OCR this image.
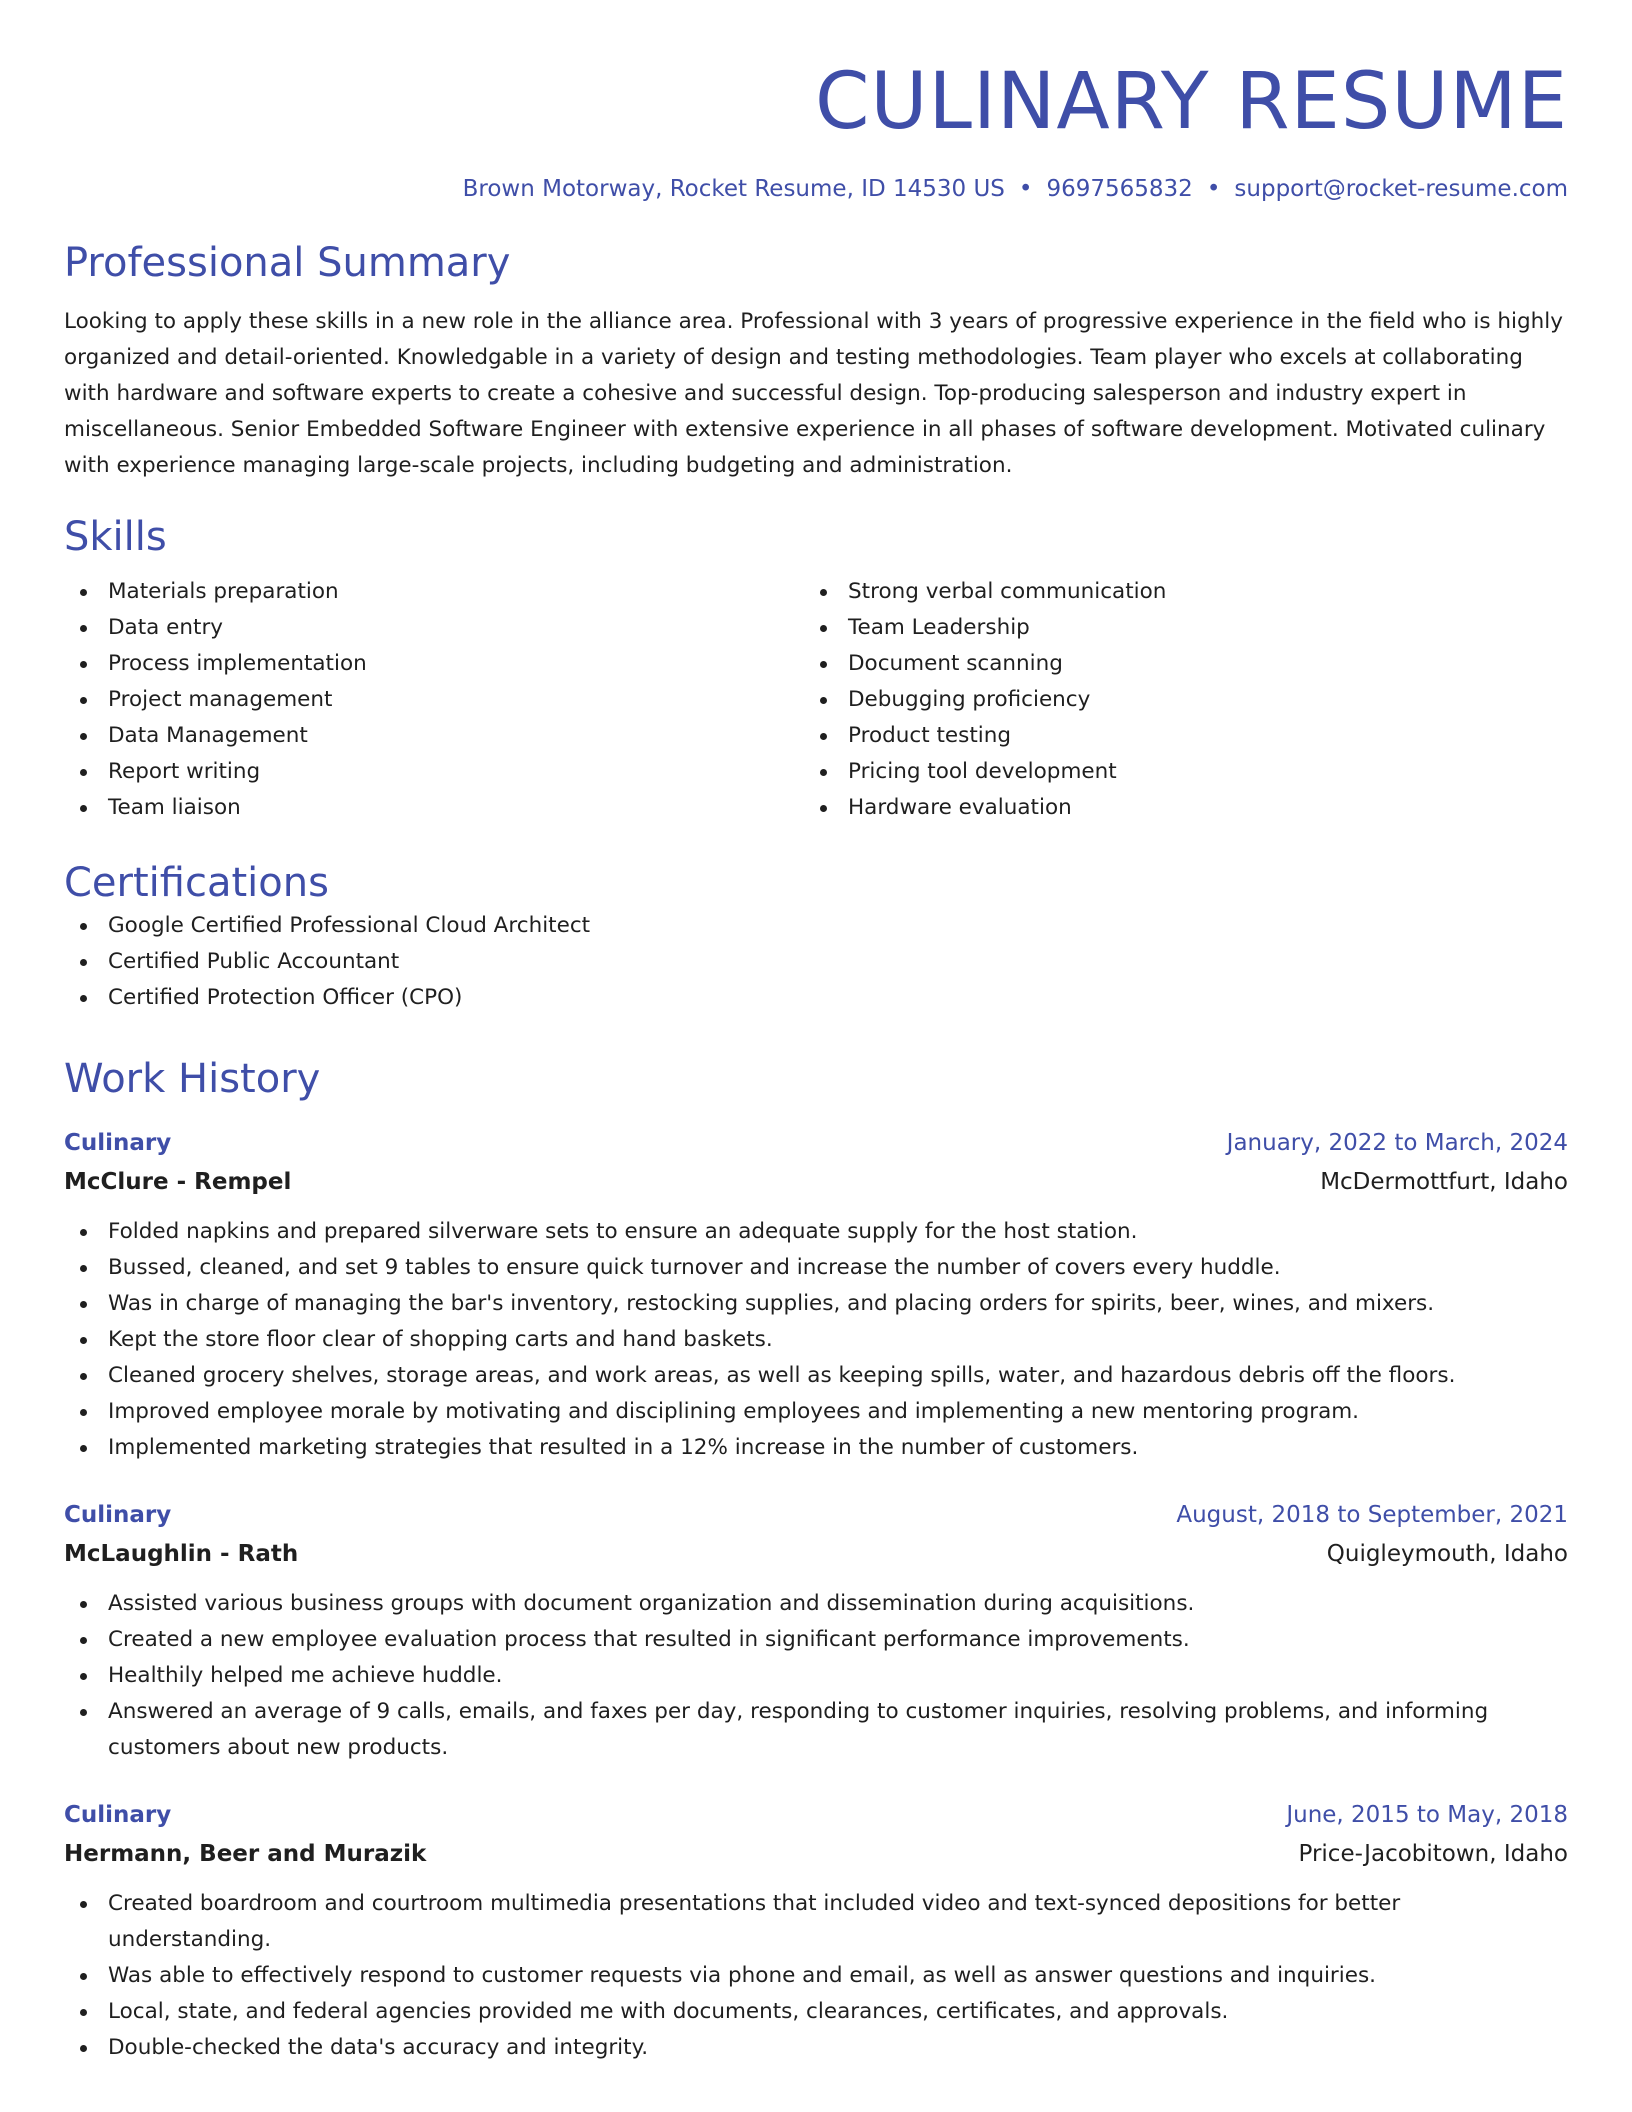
CULINARY RESUME
Brown Motorway, Rocket Resume, ID 14530 US • 9697565832 • support@rocket-resume.com
Professional Summary

Looking to apply these skills in a new role in the alliance area. Professional with 3 years of progressive experience in the field who is highly organized and detail-oriented. Knowledgable in a variety of design and testing methodologies. Team player who excels at collaborating with hardware and software experts to create a cohesive and successful design. Top-producing salesperson and industry expert in miscellaneous. Senior Embedded Software Engineer with extensive experience in all phases of software development. Motivated culinary with experience managing large-scale projects, including budgeting and administration.

Skills
Materials preparation
Data entry
Process implementation
Project management
Data Management
Report writing
Team liaison
Strong verbal communication
Team Leadership
Document scanning
Debugging proficiency
Product testing
Pricing tool development
Hardware evaluation
Certifications
Google Certified Professional Cloud Architect
Certified Public Accountant
Certified Protection Officer (CPO)
Work History
Culinary	January, 2022 to March, 2024
McClure - Rempel	McDermottfurt, Idaho
Folded napkins and prepared silverware sets to ensure an adequate supply for the host station.
Bussed, cleaned, and set 9 tables to ensure quick turnover and increase the number of covers every huddle.
Was in charge of managing the bar's inventory, restocking supplies, and placing orders for spirits, beer, wines, and mixers.
Kept the store floor clear of shopping carts and hand baskets.
Cleaned grocery shelves, storage areas, and work areas, as well as keeping spills, water, and hazardous debris off the floors.
Improved employee morale by motivating and disciplining employees and implementing a new mentoring program.
Implemented marketing strategies that resulted in a 12% increase in the number of customers.
Culinary	August, 2018 to September, 2021
McLaughlin - Rath	Quigleymouth, Idaho
Assisted various business groups with document organization and dissemination during acquisitions.
Created a new employee evaluation process that resulted in significant performance improvements.
Healthily helped me achieve huddle.
Answered an average of 9 calls, emails, and faxes per day, responding to customer inquiries, resolving problems, and informing customers about new products.
Culinary	June, 2015 to May, 2018
Hermann, Beer and Murazik	Price-Jacobitown, Idaho
Created boardroom and courtroom multimedia presentations that included video and text-synced depositions for better understanding.
Was able to effectively respond to customer requests via phone and email, as well as answer questions and inquiries.
Local, state, and federal agencies provided me with documents, clearances, certificates, and approvals.
Double-checked the data's accuracy and integrity.
